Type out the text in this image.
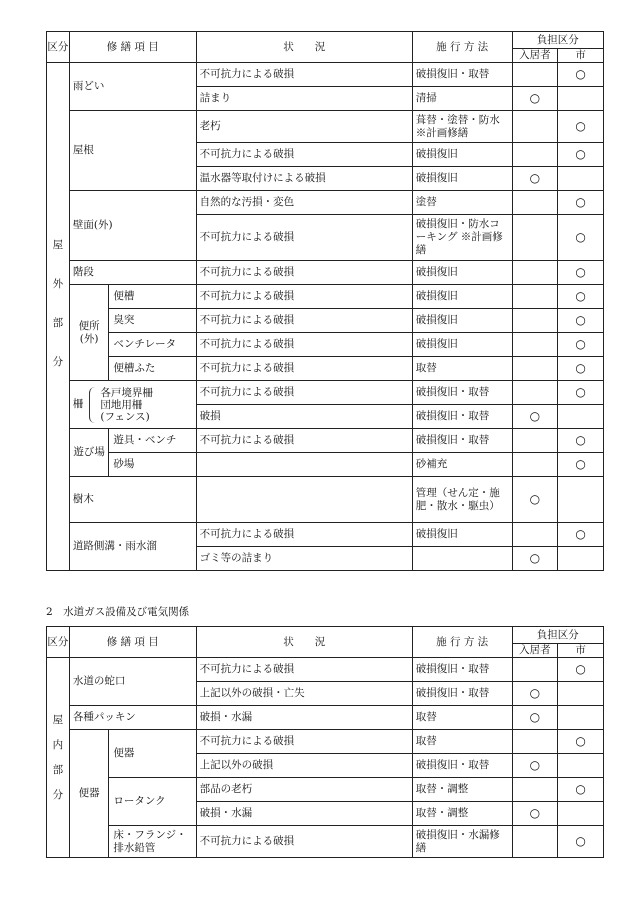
区分	修 繕 項 目		状　　況	施 行 方 法	負担区分	
					入居者	市

屋
外
部
分	雨どい		不可抗力による破損	破損復旧・取替		○
			詰まり	清掃	○	
	屋根		老朽	葺替・塗替・防水 ※計画修繕		○
			不可抗力による破損	破損復旧		○
			温水器等取付けによる破損	破損復旧	○	
	壁面(外)		自然的な汚損・変色	塗替		○
			不可抗力による破損	破損復旧・防水コーキング ※計画修繕		○
	階段		不可抗力による破損	破損復旧		○
	便所(外)	便槽	不可抗力による破損	破損復旧		○
		臭突	不可抗力による破損	破損復旧		○
		ベンチレータ	不可抗力による破損	破損復旧		○
		便槽ふた	不可抗力による破損	取替		○
	柵各戸境界柵
団地用柵
(フェンス)		不可抗力による破損	破損復旧・取替		○
			破損	破損復旧・取替	○	
	遊び場	遊具・ベンチ	不可抗力による破損	破損復旧・取替		○
		砂場		砂補充		○
	樹木			管理（せん定・施肥・散水・駆虫）	○	
	道路側溝・雨水溜		不可抗力による破損	破損復旧		○
			ゴミ等の詰まり		○	
2　水道ガス設備及び電気関係
区分	修 繕 項 目		状　　況	施 行 方 法	負担区分	
					入居者	市

屋
内
部
分	水道の蛇口		不可抗力による破損	破損復旧・取替		○
			上記以外の破損・亡失	破損復旧・取替	○	
	各種パッキン		破損・水漏	取替	○	
	便器	便器	不可抗力による破損	取替		○
			上記以外の破損	破損復旧・取替	○	
		ロータンク	部品の老朽	取替・調整		○
			破損・水漏	取替・調整	○	
		床・フランジ・排水鉛管	不可抗力による破損	破損復旧・水漏修繕		○
